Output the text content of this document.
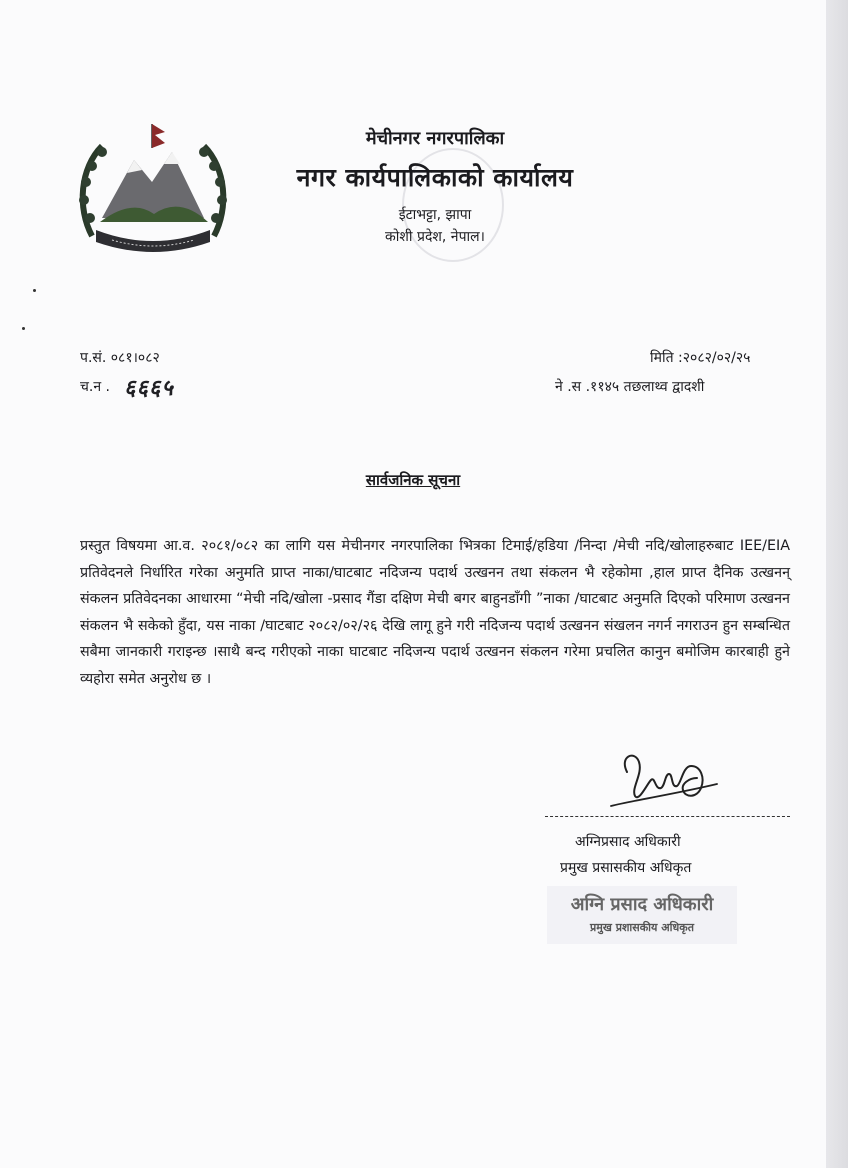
मेचीनगर नगरपालिका
नगर कार्यपालिकाको कार्यालय
ईटाभट्टा, झापा
कोशी प्रदेश, नेपाल।
प.सं. ०८१।०८२
च.न . ६६६५
मिति :२०८२/०२/२५
ने .स .११४५ तछलाथ्व द्वादशी
सार्वजनिक सूचना
प्रस्तुत विषयमा आ.व. २०८१/०८२ का लागि यस मेचीनगर नगरपालिका भित्रका टिमाई/हडिया /निन्दा /मेची नदि/खोलाहरुबाट IEE/EIA प्रतिवेदनले निर्धारित गरेका अनुमति प्राप्त नाका/घाटबाट नदिजन्य पदार्थ उत्खनन तथा संकलन भै रहेकोमा ,हाल प्राप्त दैनिक उत्खनन् संकलन प्रतिवेदनका आधारमा “मेची नदि/खोला -प्रसाद गैंडा दक्षिण मेची बगर बाहुनडाँगी ”नाका /घाटबाट अनुमति दिएको परिमाण उत्खनन संकलन भै सकेको हुँदा, यस नाका /घाटबाट २०८२/०२/२६ देखि लागू हुने गरी नदिजन्य पदार्थ उत्खनन संखलन नगर्न नगराउन हुन सम्बन्धित सबैमा जानकारी गराइन्छ ।साथै बन्द गरीएको नाका घाटबाट नदिजन्य पदार्थ उत्खनन संकलन गरेमा प्रचलित कानुन बमोजिम कारबाही हुने व्यहोरा समेत अनुरोध छ ।
अग्निप्रसाद अधिकारी
प्रमुख प्रसासकीय अधिकृत
अग्नि प्रसाद अधिकारी
प्रमुख प्रशासकीय अधिकृत
